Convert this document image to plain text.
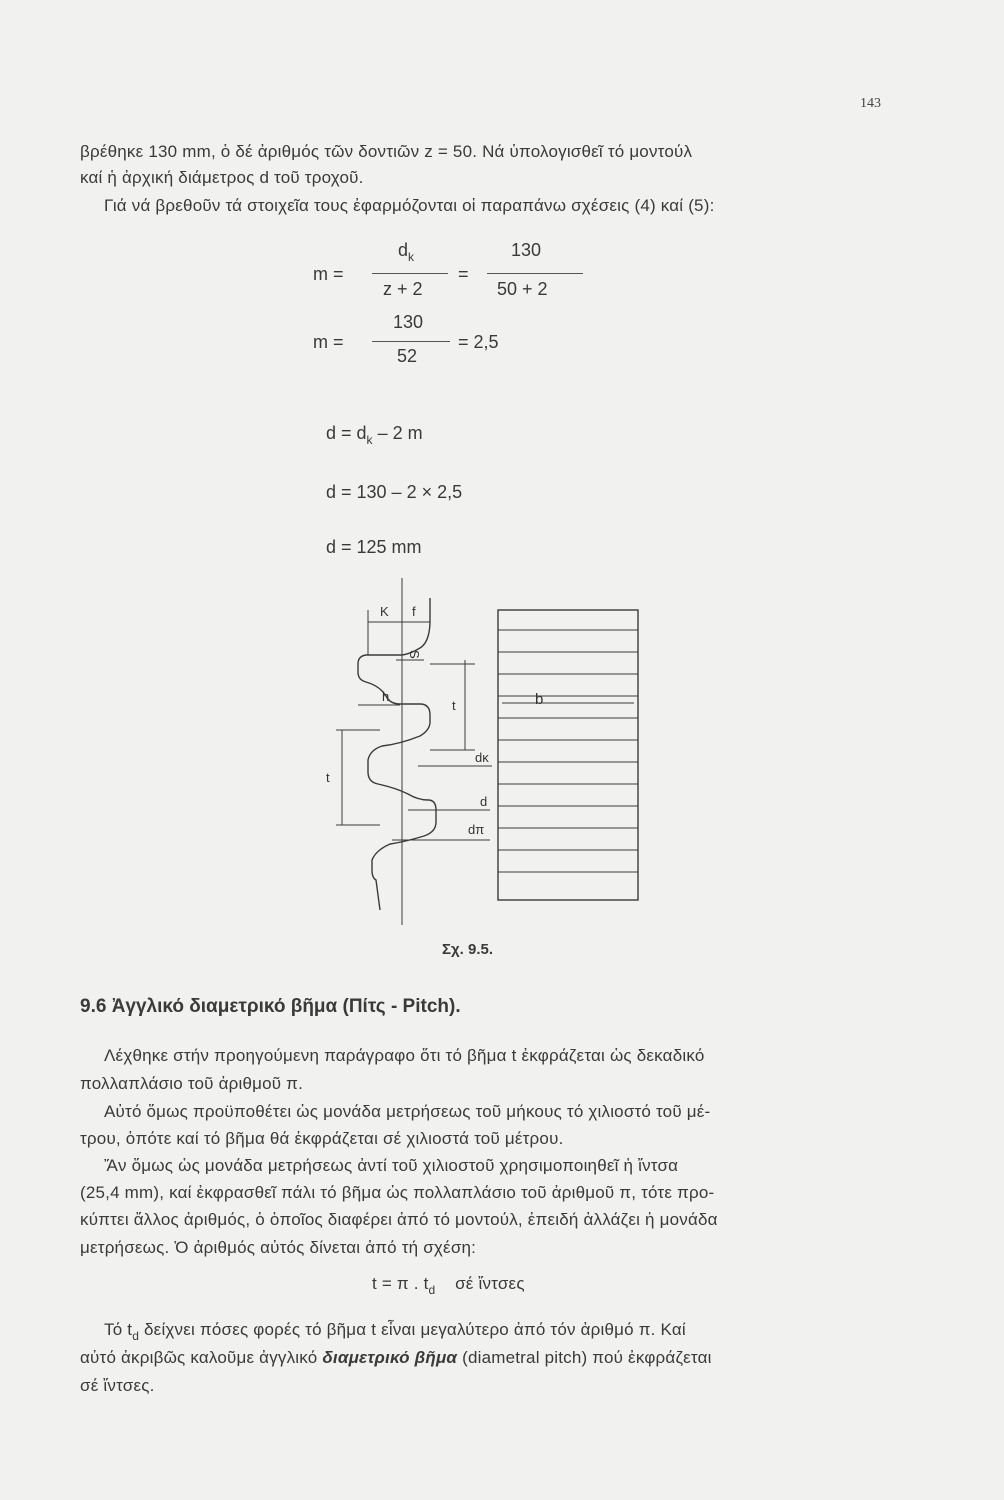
143
βρέθηκε 130 mm, ὁ δέ ἀριθμός τῶν δοντιῶν z = 50. Νά ὑπολογισθεῖ τό μοντούλ
καί ἡ ἀρχική διάμετρος d τοῦ τροχοῦ.
Γιά νά βρεθοῦν τά στοιχεῖα τους ἐφαρμόζονται οἱ παραπάνω σχέσεις (4) καί (5):
m =
$d_k$
z + 2
=
130
50 + 2
m =
130
52
= 2,5
$d = d_k - 2$ m
d = 130 – 2 × 2,5
d = 125 mm
K f
S
h
t	b
dκ
t
d
dπ
Σχ. 9.5.
9.6 Ἀγγλικό διαμετρικό βῆμα (Πίτς - Pitch).
Λέχθηκε στήν προηγούμενη παράγραφο ὅτι τό βῆμα t ἐκφράζεται ὡς δεκαδικό
πολλαπλάσιο τοῦ ἀριθμοῦ π.
Αὐτό ὅμως προϋποθέτει ὡς μονάδα μετρήσεως τοῦ μήκους τό χιλιοστό τοῦ μέ-
τρου, ὁπότε καί τό βῆμα θά ἐκφράζεται σέ χιλιοστά τοῦ μέτρου.
Ἄν ὅμως ὡς μονάδα μετρήσεως ἀντί τοῦ χιλιοστοῦ χρησιμοποιηθεῖ ἡ ἴντσα
(25,4 mm), καί ἐκφρασθεῖ πάλι τό βῆμα ὡς πολλαπλάσιο τοῦ ἀριθμοῦ π, τότε προ-
κύπτει ἄλλος ἀριθμός, ὁ ὁποῖος διαφέρει ἀπό τό μοντούλ, ἐπειδή ἀλλάζει ἡ μονάδα
μετρήσεως. Ὁ ἀριθμός αὐτός δίνεται ἀπό τή σχέση:
t = π . $t_d$ σέ ἴντσες
Τό $t_d$ δείχνει πόσες φορές τό βῆμα t εἶναι μεγαλύτερο ἀπό τόν ἀριθμό π. Καί
αὐτό ἀκριβῶς καλοῦμε ἀγγλικό διαμετρικό βῆμα (diametral pitch) πού ἐκφράζεται
σέ ἴντσες.
